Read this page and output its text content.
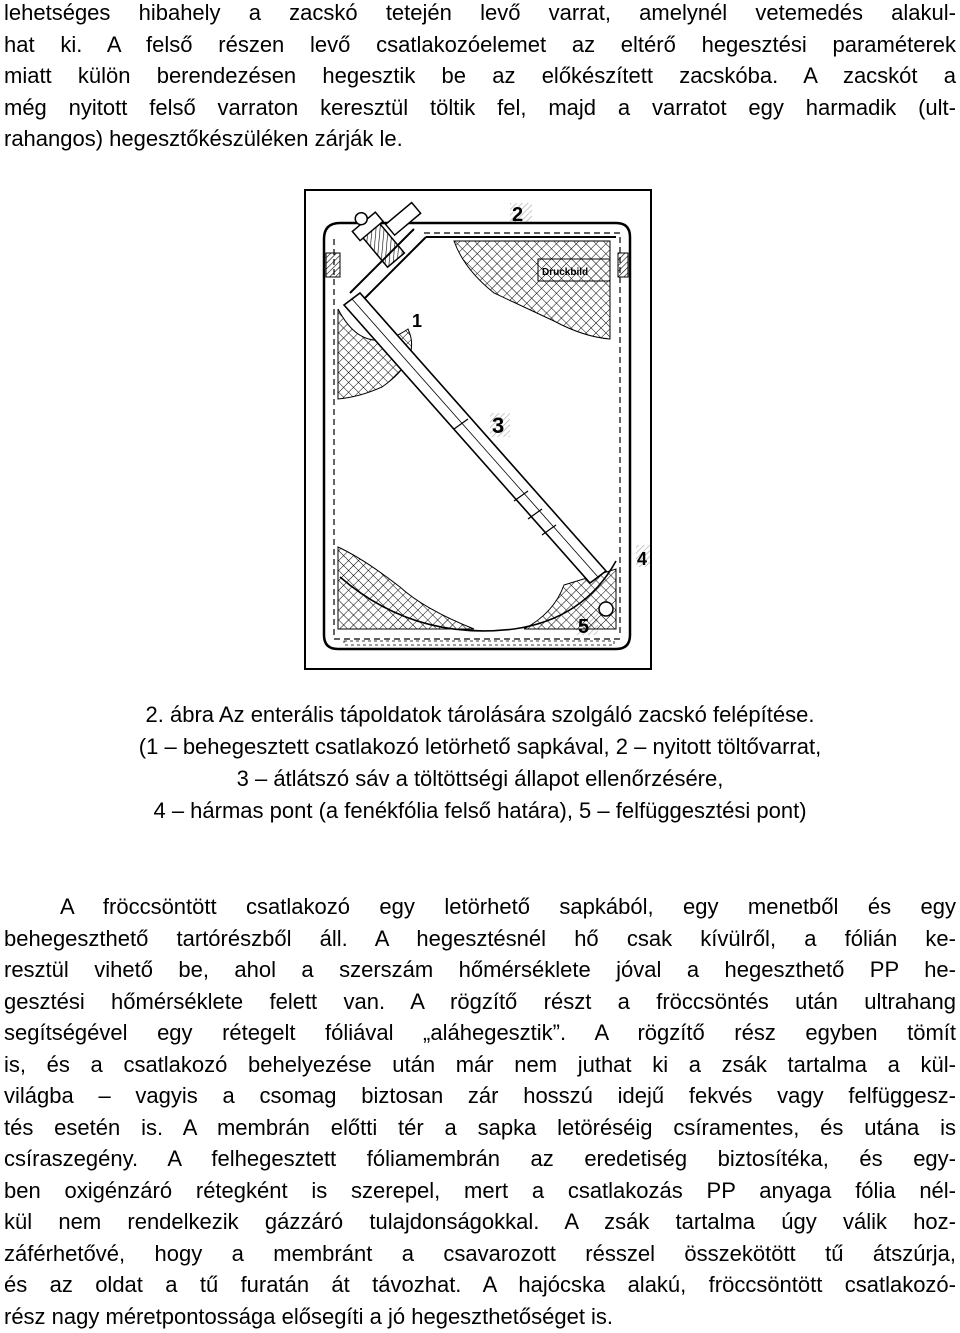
lehetséges hibahely a zacskó tetején levő varrat, amelynél vetemedés alakul-
hat ki. A felső részen levő csatlakozóelemet az eltérő hegesztési paraméterek
miatt külön berendezésen hegesztik be az előkészített zacskóba. A zacskót a
még nyitott felső varraton keresztül töltik fel, majd a varratot egy harmadik (ult-
rahangos) hegesztőkészüléken zárják le.
1
2
3
4
5
Druckbild
2. ábra Az enterális tápoldatok tárolására szolgáló zacskó felépítése.
(1 – behegesztett csatlakozó letörhető sapkával, 2 – nyitott töltővarrat,
3 – átlátszó sáv a töltöttségi állapot ellenőrzésére,
4 – hármas pont (a fenékfólia felső határa), 5 – felfüggesztési pont)
A fröccsöntött csatlakozó egy letörhető sapkából, egy menetből és egy
behegeszthető tartórészből áll. A hegesztésnél hő csak kívülről, a fólián ke-
resztül vihető be, ahol a szerszám hőmérséklete jóval a hegeszthető PP he-
gesztési hőmérséklete felett van. A rögzítő részt a fröccsöntés után ultrahang
segítségével egy rétegelt fóliával „aláhegesztik”. A rögzítő rész egyben tömít
is, és a csatlakozó behelyezése után már nem juthat ki a zsák tartalma a kül-
világba – vagyis a csomag biztosan zár hosszú idejű fekvés vagy felfüggesz-
tés esetén is. A membrán előtti tér a sapka letöréséig csíramentes, és utána is
csíraszegény. A felhegesztett fóliamembrán az eredetiség biztosítéka, és egy-
ben oxigénzáró rétegként is szerepel, mert a csatlakozás PP anyaga fólia nél-
kül nem rendelkezik gázzáró tulajdonságokkal. A zsák tartalma úgy válik hoz-
záférhetővé, hogy a membránt a csavarozott résszel összekötött tű átszúrja,
és az oldat a tű furatán át távozhat. A hajócska alakú, fröccsöntött csatlakozó-
rész nagy méretpontossága elősegíti a jó hegeszthetőséget is.
